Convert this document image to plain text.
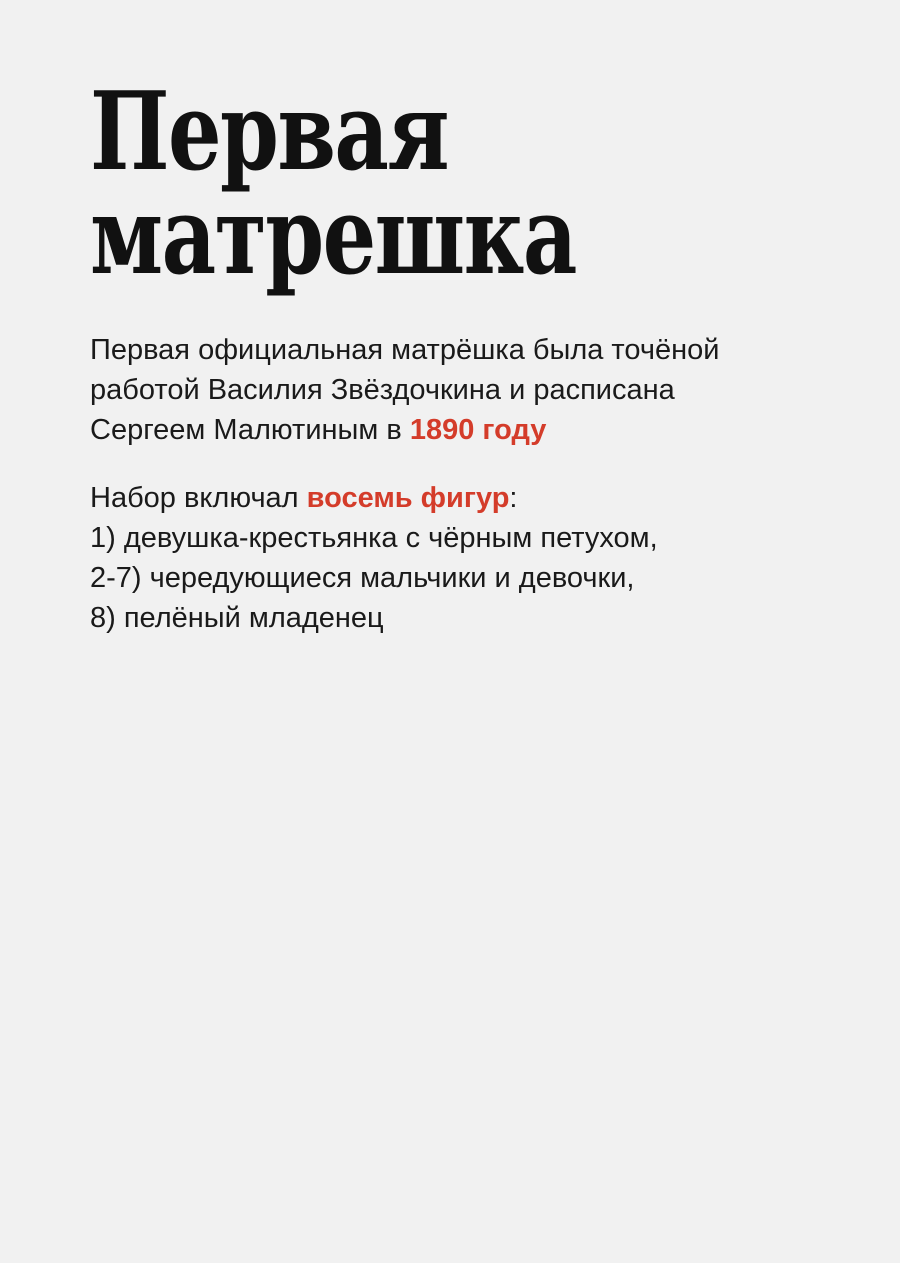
Первая
матрешка

Первая официальная матрёшка была точёной
работой Василия Звёздочкина и расписана
Сергеем Малютиным в 1890 году

Набор включал восемь фигур:
1) девушка-крестьянка с чёрным петухом,
2-7) чередующиеся мальчики и девочки,
8) пелёный младенец
